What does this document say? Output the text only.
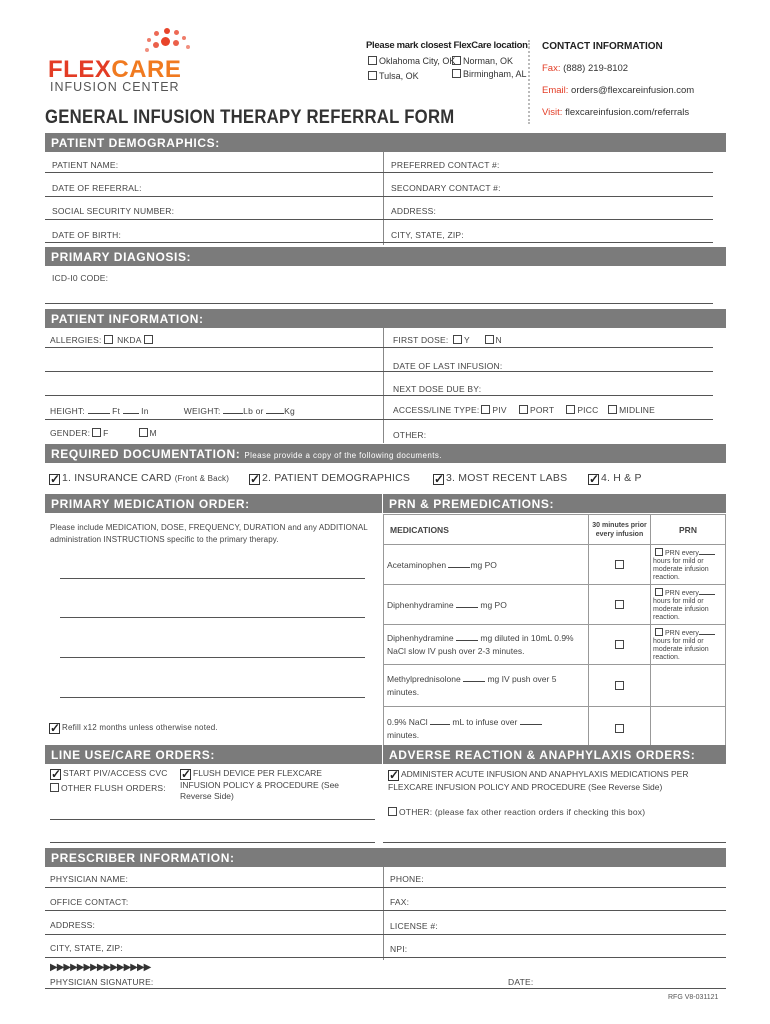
FLEXCARE
INFUSION CENTER
Please mark closest FlexCare location:
Oklahoma City, OK Norman, OK
Tulsa, OK	Birmingham, AL
CONTACT INFORMATION
Fax: (888) 219-8102
Email: orders@flexcareinfusion.com
Visit: flexcareinfusion.com/referrals
GENERAL INFUSION THERAPY REFERRAL FORM
PATIENT DEMOGRAPHICS:
PATIENT NAME:	PREFERRED CONTACT #:
DATE OF REFERRAL:	SECONDARY CONTACT #:
SOCIAL SECURITY NUMBER:	ADDRESS:
DATE OF BIRTH:	CITY, STATE, ZIP:
PRIMARY DIAGNOSIS:
ICD-I0 CODE:
PATIENT INFORMATION:
ALLERGIES: NKDA	FIRST DOSE: Y	N
DATE OF LAST INFUSION:
NEXT DOSE DUE BY:
HEIGHT:	Ft In	WEIGHT:	Lb or Kg	ACCESS/LINE TYPE: PIV	PORT	PICC MIDLINE
GENDER: F	M	OTHER:
REQUIRED DOCUMENTATION: Please provide a copy of the following documents.
✓ 1. INSURANCE CARD (Front & Back) ✓ 2. PATIENT DEMOGRAPHICS ✓ 3. MOST RECENT LABS ✓ 4. H & P
PRIMARY MEDICATION ORDER:
Please include MEDICATION, DOSE, FREQUENCY, DURATION and any ADDITIONAL administration INSTRUCTIONS specific to the primary therapy.
✓ Refill x12 months unless otherwise noted.
PRN & PREMEDICATIONS:
MEDICATIONS	30 minutes prior every infusion	PRN
Acetaminophen mg PO		PRN everyhours for mild or moderate infusion reaction.
Diphenhydramine mg PO		PRN everyhours for mild or moderate infusion reaction.
Diphenhydramine mg diluted in 10mL 0.9% NaCl slow IV push over 2-3 minutes.		PRN everyhours for mild or moderate infusion reaction.
Methylprednisolone mg IV push over 5 minutes.		
0.9% NaCl mL to infuse over
minutes.		
LINE USE/CARE ORDERS:
✓ START PIV/ACCESS CVC
OTHER FLUSH ORDERS:
✓ FLUSH DEVICE PER FLEXCARE INFUSION POLICY & PROCEDURE (See Reverse Side)
ADVERSE REACTION & ANAPHYLAXIS ORDERS:
✓ ADMINISTER ACUTE INFUSION AND ANAPHYLAXIS MEDICATIONS PER FLEXCARE INFUSION POLICY AND PROCEDURE (See Reverse Side)
OTHER: (please fax other reaction orders if checking this box)
PRESCRIBER INFORMATION:
PHYSICIAN NAME:	PHONE:
OFFICE CONTACT:	FAX:
ADDRESS:	LICENSE #:
CITY, STATE, ZIP:	NPI:
▶▶▶▶▶▶▶▶▶▶▶▶▶▶▶
PHYSICIAN SIGNATURE:	DATE:
RFG V8-031121
